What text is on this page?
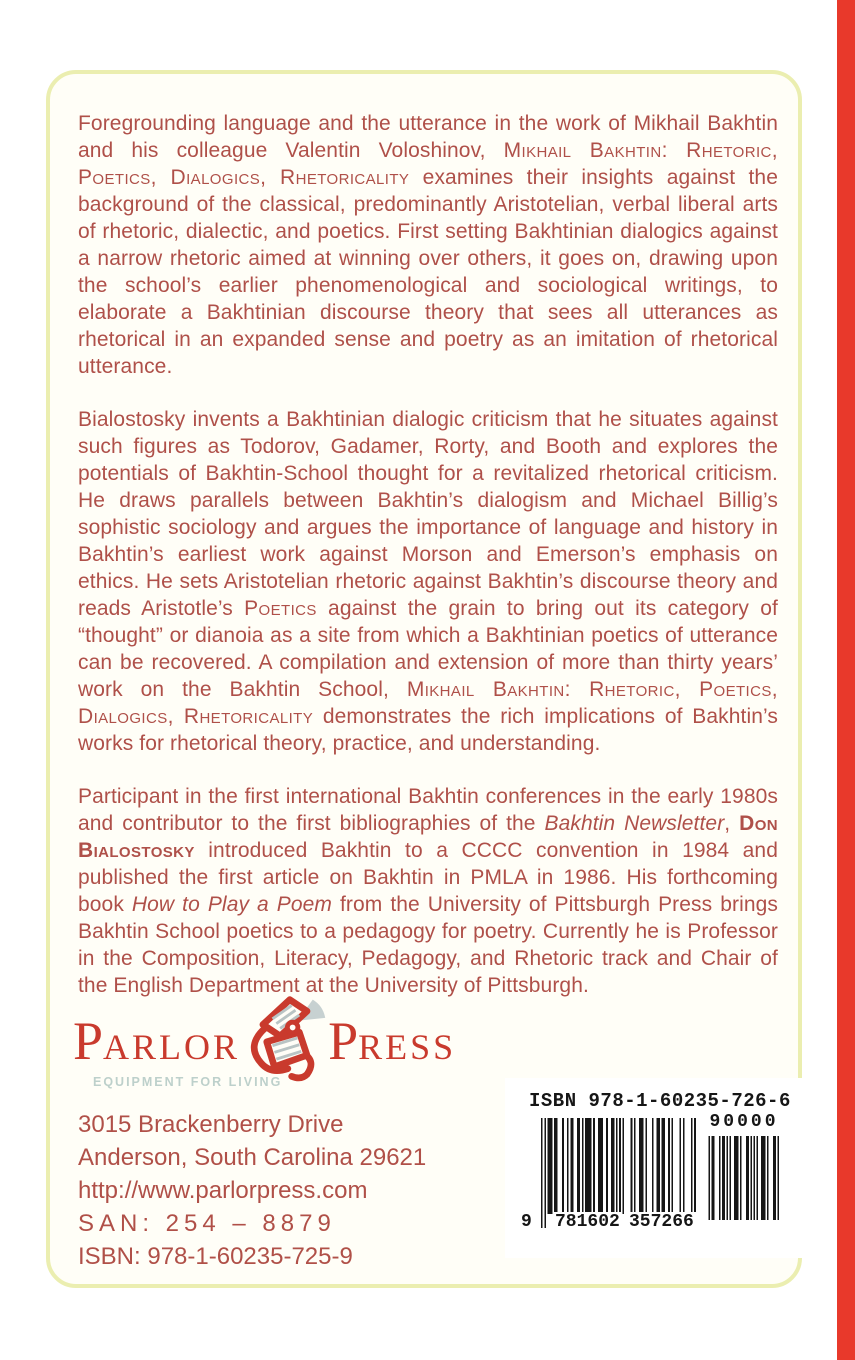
Foregrounding language and the utterance in the work of Mikhail Bakhtin and his colleague Valentin Voloshinov, Mikhail Bakhtin: Rhetoric, Poetics, Dialogics, Rhetoricality examines their insights against the background of the classical, predominantly Aristotelian, verbal liberal arts of rhetoric, dialectic, and poetics. First setting Bakhtinian dialogics against a narrow rhetoric aimed at winning over others, it goes on, drawing upon the school’s earlier phenomenological and sociological writings, to elaborate a Bakhtinian discourse theory that sees all utterances as rhetorical in an expanded sense and poetry as an imitation of rhetorical utterance.

Bialostosky invents a Bakhtinian dialogic criticism that he situates against such figures as Todorov, Gadamer, Rorty, and Booth and explores the potentials of Bakhtin-School thought for a revitalized rhetorical criticism. He draws parallels between Bakhtin’s dialogism and Michael Billig’s sophistic sociology and argues the importance of language and history in Bakhtin’s earliest work against Morson and Emerson’s emphasis on ethics. He sets Aristotelian rhetoric against Bakhtin’s discourse theory and reads Aristotle’s Poetics against the grain to bring out its category of “thought” or dianoia as a site from which a Bakhtinian poetics of utterance can be recovered. A compilation and extension of more than thirty years’ work on the Bakhtin School, Mikhail Bakhtin: Rhetoric, Poetics, Dialogics, Rhetoricality demonstrates the rich implications of Bakhtin’s works for rhetorical theory, practice, and understanding.

Participant in the first international Bakhtin conferences in the early 1980s and contributor to the first bibliographies of the Bakhtin Newsletter, Don Bialostosky introduced Bakhtin to a CCCC convention in 1984 and published the first article on Bakhtin in PMLA in 1986. His forthcoming book How to Play a Poem from the University of Pittsburgh Press brings Bakhtin School poetics to a pedagogy for poetry. Currently he is Professor in the Composition, Literacy, Pedagogy, and Rhetoric track and Chair of the English Department at the University of Pittsburgh.

PARLOR PRESS
EQUIPMENT FOR LIVING
3015 Brackenberry Drive
Anderson, South Carolina 29621
http://www.parlorpress.com
SAN: 254 – 8879
ISBN: 978-1-60235-725-9
ISBN 978-1-60235-726-6
9 781602 357266
90000
